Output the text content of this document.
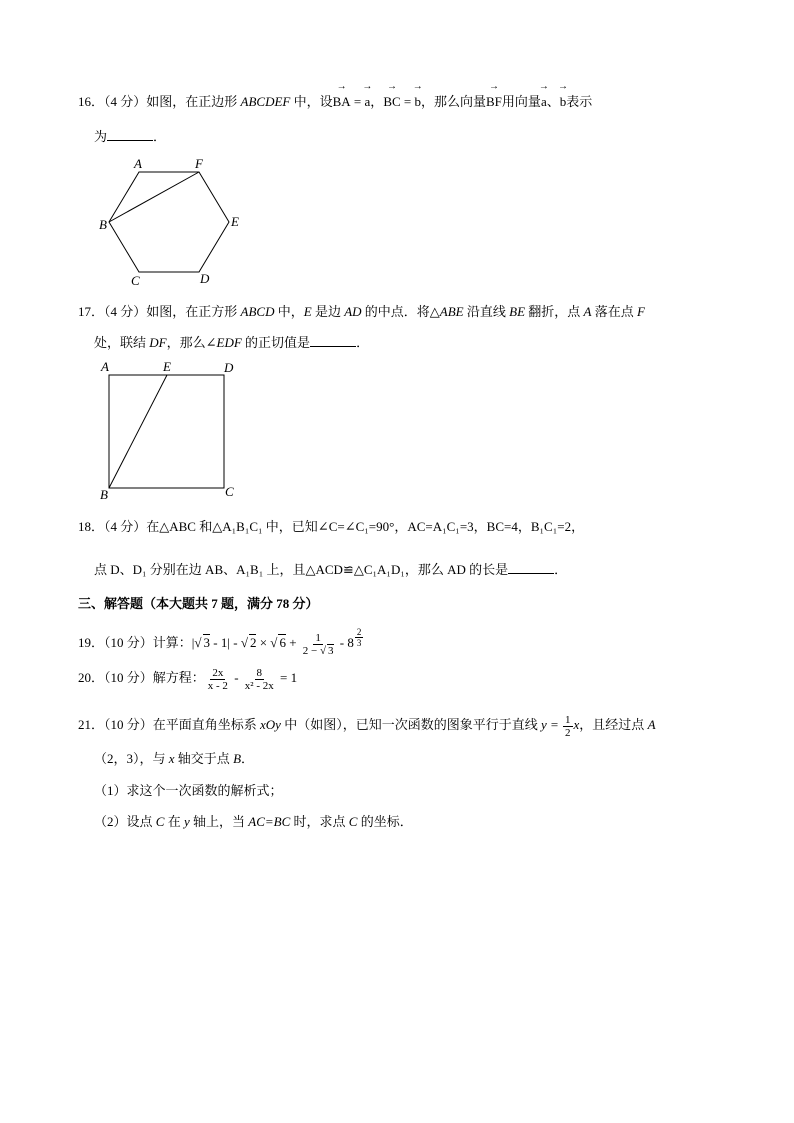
16．（4 分）如图，在正边形 ABCDEF 中，设
→
BA =
→
a，
→
BC =
→
b，那么向量
→
BF用向量
→
a、
→
b表示
为	．
A	F
B	E
C	D
17．（4 分）如图，在正方形 ABCD 中，E 是边 AD 的中点．将△ABE 沿直线 BE 翻折，点 A 落在点 F
处，联结 DF，那么∠EDF 的正切值是	．
A	E	D
B	C
18．（4 分）在△ABC 和△A₁B₁C₁ 中，已知∠C=∠C₁=90°，AC=A₁C₁=3，BC=4，B₁C₁=2，
点 D、D₁ 分别在边 AB、A₁B₁ 上，且△ACD≌△C₁A₁D₁，那么 AD 的长是	．
三、解答题（本大题共 7 题，满分 78 分）
19．（10 分）计算：|√ 3 - 1| - √ 2 × √ $6 + \frac{1}{2 - √ 3} - 8$ $^{\frac{2}{3}}$
20．（10 分）解方程： $\frac{2x}{x - 2} - \frac{8}{\text{x² - 2x}} = 1$
21．（10 分）在平面直角坐标系 xOy 中（如图），已知一次函数的图象平行于直线 $y = \frac{1}{2}$ x，且经过点 A
（2，3），与 x 轴交于点 B．
（1）求这个一次函数的解析式；
（2）设点 C 在 y 轴上，当 AC=BC 时，求点 C 的坐标．
